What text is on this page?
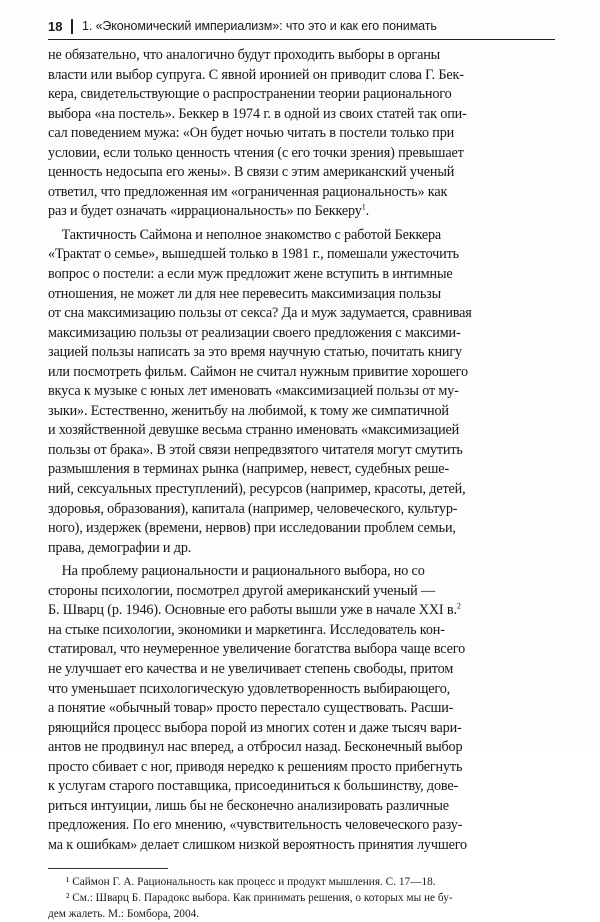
18 1. «Экономический империализм»: что это и как его понимать
не обязательно, что аналогично будут проходить выборы в органы
власти или выбор супруга. С явной иронией он приводит слова Г. Бек-
кера, свидетельствующие о распространении теории рационального
выбора «на постель». Беккер в 1974 г. в одной из своих статей так опи-
сал поведением мужа: «Он будет ночью читать в постели только при
условии, если только ценность чтения (с его точки зрения) превышает
ценность недосыпа его жены». В связи с этим американский ученый
ответил, что предложенная им «ограниченная рациональность» как
раз и будет означать «иррациональность» по Беккеру$^1$.
Тактичность Саймона и неполное знакомство с работой Беккера
«Трактат о семье», вышедшей только в 1981 г., помешали ужесточить
вопрос о постели: а если муж предложит жене вступить в интимные
отношения, не может ли для нее перевесить максимизация пользы
от сна максимизацию пользы от секса? Да и муж задумается, сравнивая
максимизацию пользы от реализации своего предложения с максими-
зацией пользы написать за это время научную статью, почитать книгу
или посмотреть фильм. Саймон не считал нужным привитие хорошего
вкуса к музыке с юных лет именовать «максимизацией пользы от му-
зыки». Естественно, женитьбу на любимой, к тому же симпатичной
и хозяйственной девушке весьма странно именовать «максимизацией
пользы от брака». В этой связи непредвзятого читателя могут смутить
размышления в терминах рынка (например, невест, судебных реше-
ний, сексуальных преступлений), ресурсов (например, красоты, детей,
здоровья, образования), капитала (например, человеческого, культур-
ного), издержек (времени, нервов) при исследовании проблем семьи,
права, демографии и др.
На проблему рациональности и рационального выбора, но со
стороны психологии, посмотрел другой американский ученый —
Б. Шварц (р. 1946). Основные его работы вышли уже в начале XXI в.$^2$
на стыке психологии, экономики и маркетинга. Исследователь кон-
статировал, что неумеренное увеличение богатства выбора чаще всего
не улучшает его качества и не увеличивает степень свободы, притом
что уменьшает психологическую удовлетворенность выбирающего,
а понятие «обычный товар» просто перестало существовать. Расши-
ряющийся процесс выбора порой из многих сотен и даже тысяч вари-
антов не продвинул нас вперед, а отбросил назад. Бесконечный выбор
просто сбивает с ног, приводя нередко к решениям просто прибегнуть
к услугам старого поставщика, присоединиться к большинству, дове-
риться интуиции, лишь бы не бесконечно анализировать различные
предложения. По его мнению, «чувствительность человеческого разу-
ма к ошибкам» делает слишком низкой вероятность принятия лучшего
¹ Саймон Г. А. Рациональность как процесс и продукт мышления. С. 17—18.
² См.: Шварц Б. Парадокс выбора. Как принимать решения, о которых мы не бу-
дем жалеть. М.: Бомбора, 2004.
